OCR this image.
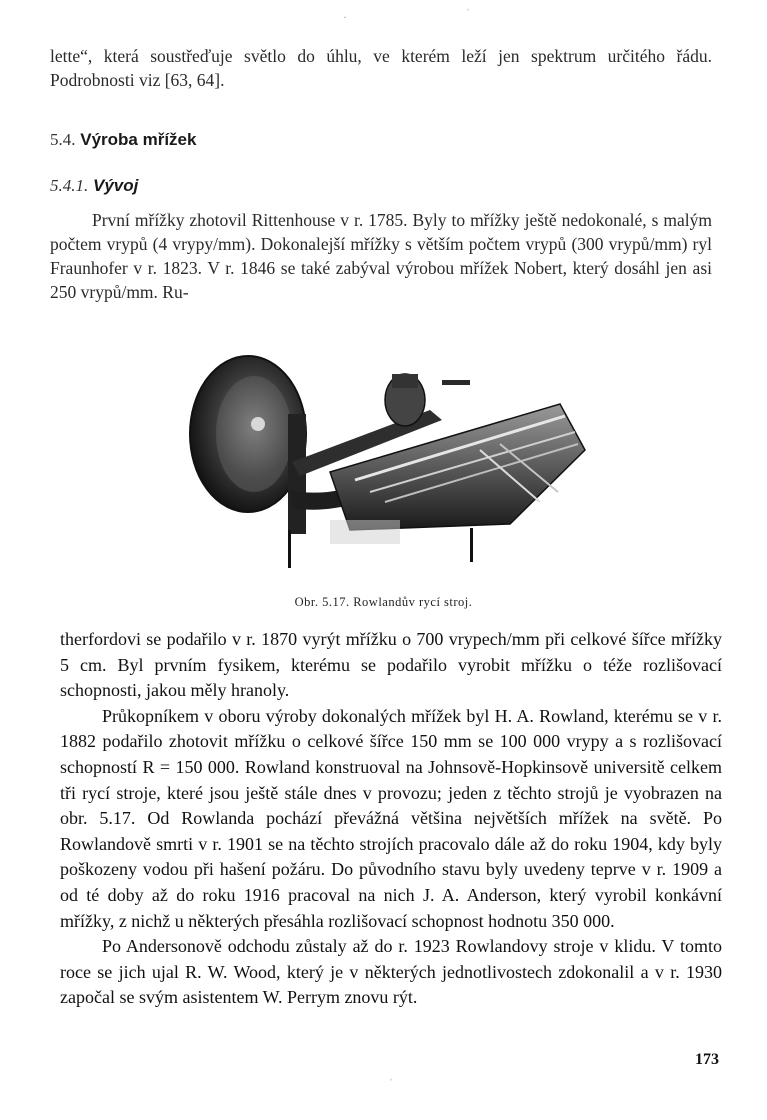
lette“, která soustřeďuje světlo do úhlu, ve kterém leží jen spektrum určitého řádu. Podrobnosti viz [63, 64].

5.4. Výroba mřížek
5.4.1. Vývoj

První mřížky zhotovil Rittenhouse v r. 1785. Byly to mřížky ještě nedokonalé, s malým počtem vrypů (4 vrypy/mm). Dokonalejší mřížky s větším počtem vrypů (300 vrypů/mm) ryl Fraunhofer v r. 1823. V r. 1846 se také zabýval výrobou mřížek Nobert, který dosáhl jen asi 250 vrypů/mm. Ru-

Obr. 5.17. Rowlandův rycí stroj.

therfordovi se podařilo v r. 1870 vyrýt mřížku o 700 vrypech/mm při celkové šířce mřížky 5 cm. Byl prvním fysikem, kterému se podařilo vyrobit mřížku o téže rozlišovací schopnosti, jakou měly hranoly.

Průkopníkem v oboru výroby dokonalých mřížek byl H. A. Rowland, kterému se v r. 1882 podařilo zhotovit mřížku o celkové šířce 150 mm se 100 000 vrypy a s rozlišovací schopností R = 150 000. Rowland konstruoval na Johnsově-Hopkinsově universitě celkem tři rycí stroje, které jsou ještě stále dnes v provozu; jeden z těchto strojů je vyobrazen na obr. 5.17. Od Rowlanda pochází převážná většina největších mřížek na světě. Po Rowlandově smrti v r. 1901 se na těchto strojích pracovalo dále až do roku 1904, kdy byly poškozeny vodou při hašení požáru. Do původního stavu byly uvedeny teprve v r. 1909 a od té doby až do roku 1916 pracoval na nich J. A. Anderson, který vyrobil konkávní mřížky, z nichž u některých přesáhla rozlišovací schopnost hodnotu 350 000.

Po Andersonově odchodu zůstaly až do r. 1923 Rowlandovy stroje v klidu. V tomto roce se jich ujal R. W. Wood, který je v některých jednotlivostech zdokonalil a v r. 1930 započal se svým asistentem W. Perrym znovu rýt.

173

·	ˈ
ˈ
